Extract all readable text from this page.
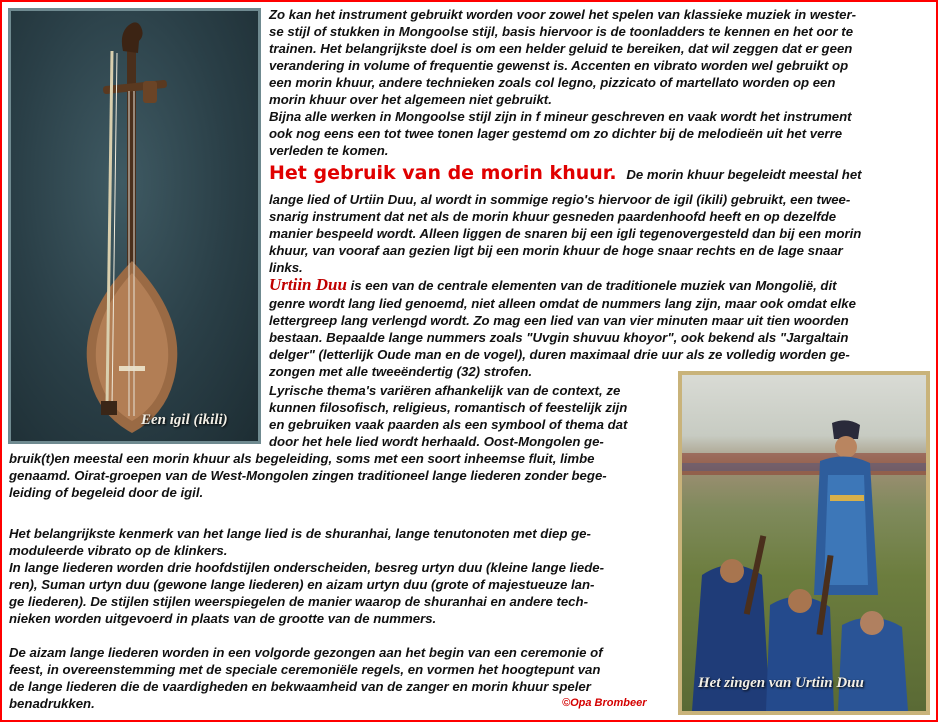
Een igil (ikili)
Het zingen van Urtiin Duu

Zo kan het instrument gebruikt worden voor zowel het spelen van klassieke muziek in wester-

se stijl of stukken in Mongoolse stijl, basis hiervoor is de toonladders te kennen en het oor te

trainen. Het belangrijkste doel is om een helder geluid te bereiken, dat wil zeggen dat er geen

verandering in volume of frequentie gewenst is. Accenten en vibrato worden wel gebruikt op

een morin khuur, andere technieken zoals col legno, pizzicato of martellato worden op een

morin khuur over het algemeen niet gebruikt.

Bijna alle werken in Mongoolse stijl zijn in f mineur geschreven en vaak wordt het instrument

ook nog eens een tot twee tonen lager gestemd om zo dichter bij de melodieën uit het verre

verleden te komen.

Het gebruik van de morin khuur. De morin khuur begeleidt meestal het

lange lied of Urtiin Duu, al wordt in sommige regio's hiervoor de igil (ikili) gebruikt, een twee-

snarig instrument dat net als de morin khuur gesneden paardenhoofd heeft en op dezelfde

manier bespeeld wordt. Alleen liggen de snaren bij een igli tegenovergesteld dan bij een morin

khuur, van vooraf aan gezien ligt bij een morin khuur de hoge snaar rechts en de lage snaar

links.

Urtiin Duu is een van de centrale elementen van de traditionele muziek van Mongolië, dit

genre wordt lang lied genoemd, niet alleen omdat de nummers lang zijn, maar ook omdat elke

lettergreep lang verlengd wordt. Zo mag een lied van van vier minuten maar uit tien woorden

bestaan. Bepaalde lange nummers zoals "Uvgin shuvuu khoyor", ook bekend als "Jargaltain

delger" (letterlijk Oude man en de vogel), duren maximaal drie uur als ze volledig worden ge-

zongen met alle tweeëndertig (32) strofen.

Lyrische thema's variëren afhankelijk van de context, ze

kunnen filosofisch, religieus, romantisch of feestelijk zijn

en gebruiken vaak paarden als een symbool of thema dat

door het hele lied wordt herhaald. Oost-Mongolen ge-

bruik(t)en meestal een morin khuur als begeleiding, soms met een soort inheemse fluit, limbe

genaamd. Oirat-groepen van de West-Mongolen zingen traditioneel lange liederen zonder bege-

leiding of begeleid door de igil.

Het belangrijkste kenmerk van het lange lied is de shuranhai, lange tenutonoten met diep ge-

moduleerde vibrato op de klinkers.

In lange liederen worden drie hoofdstijlen onderscheiden, besreg urtyn duu (kleine lange liede-

ren), Suman urtyn duu (gewone lange liederen) en aizam urtyn duu (grote of majestueuze lan-

ge liederen). De stijlen stijlen weerspiegelen de manier waarop de shuranhai en andere tech-

nieken worden uitgevoerd in plaats van de grootte van de nummers.

De aizam lange liederen worden in een volgorde gezongen aan het begin van een ceremonie of

feest, in overeenstemming met de speciale ceremoniële regels, en vormen het hoogtepunt van

de lange liederen die de vaardigheden en bekwaamheid van de zanger en morin khuur speler

benadrukken.	©Opa Brombeer
